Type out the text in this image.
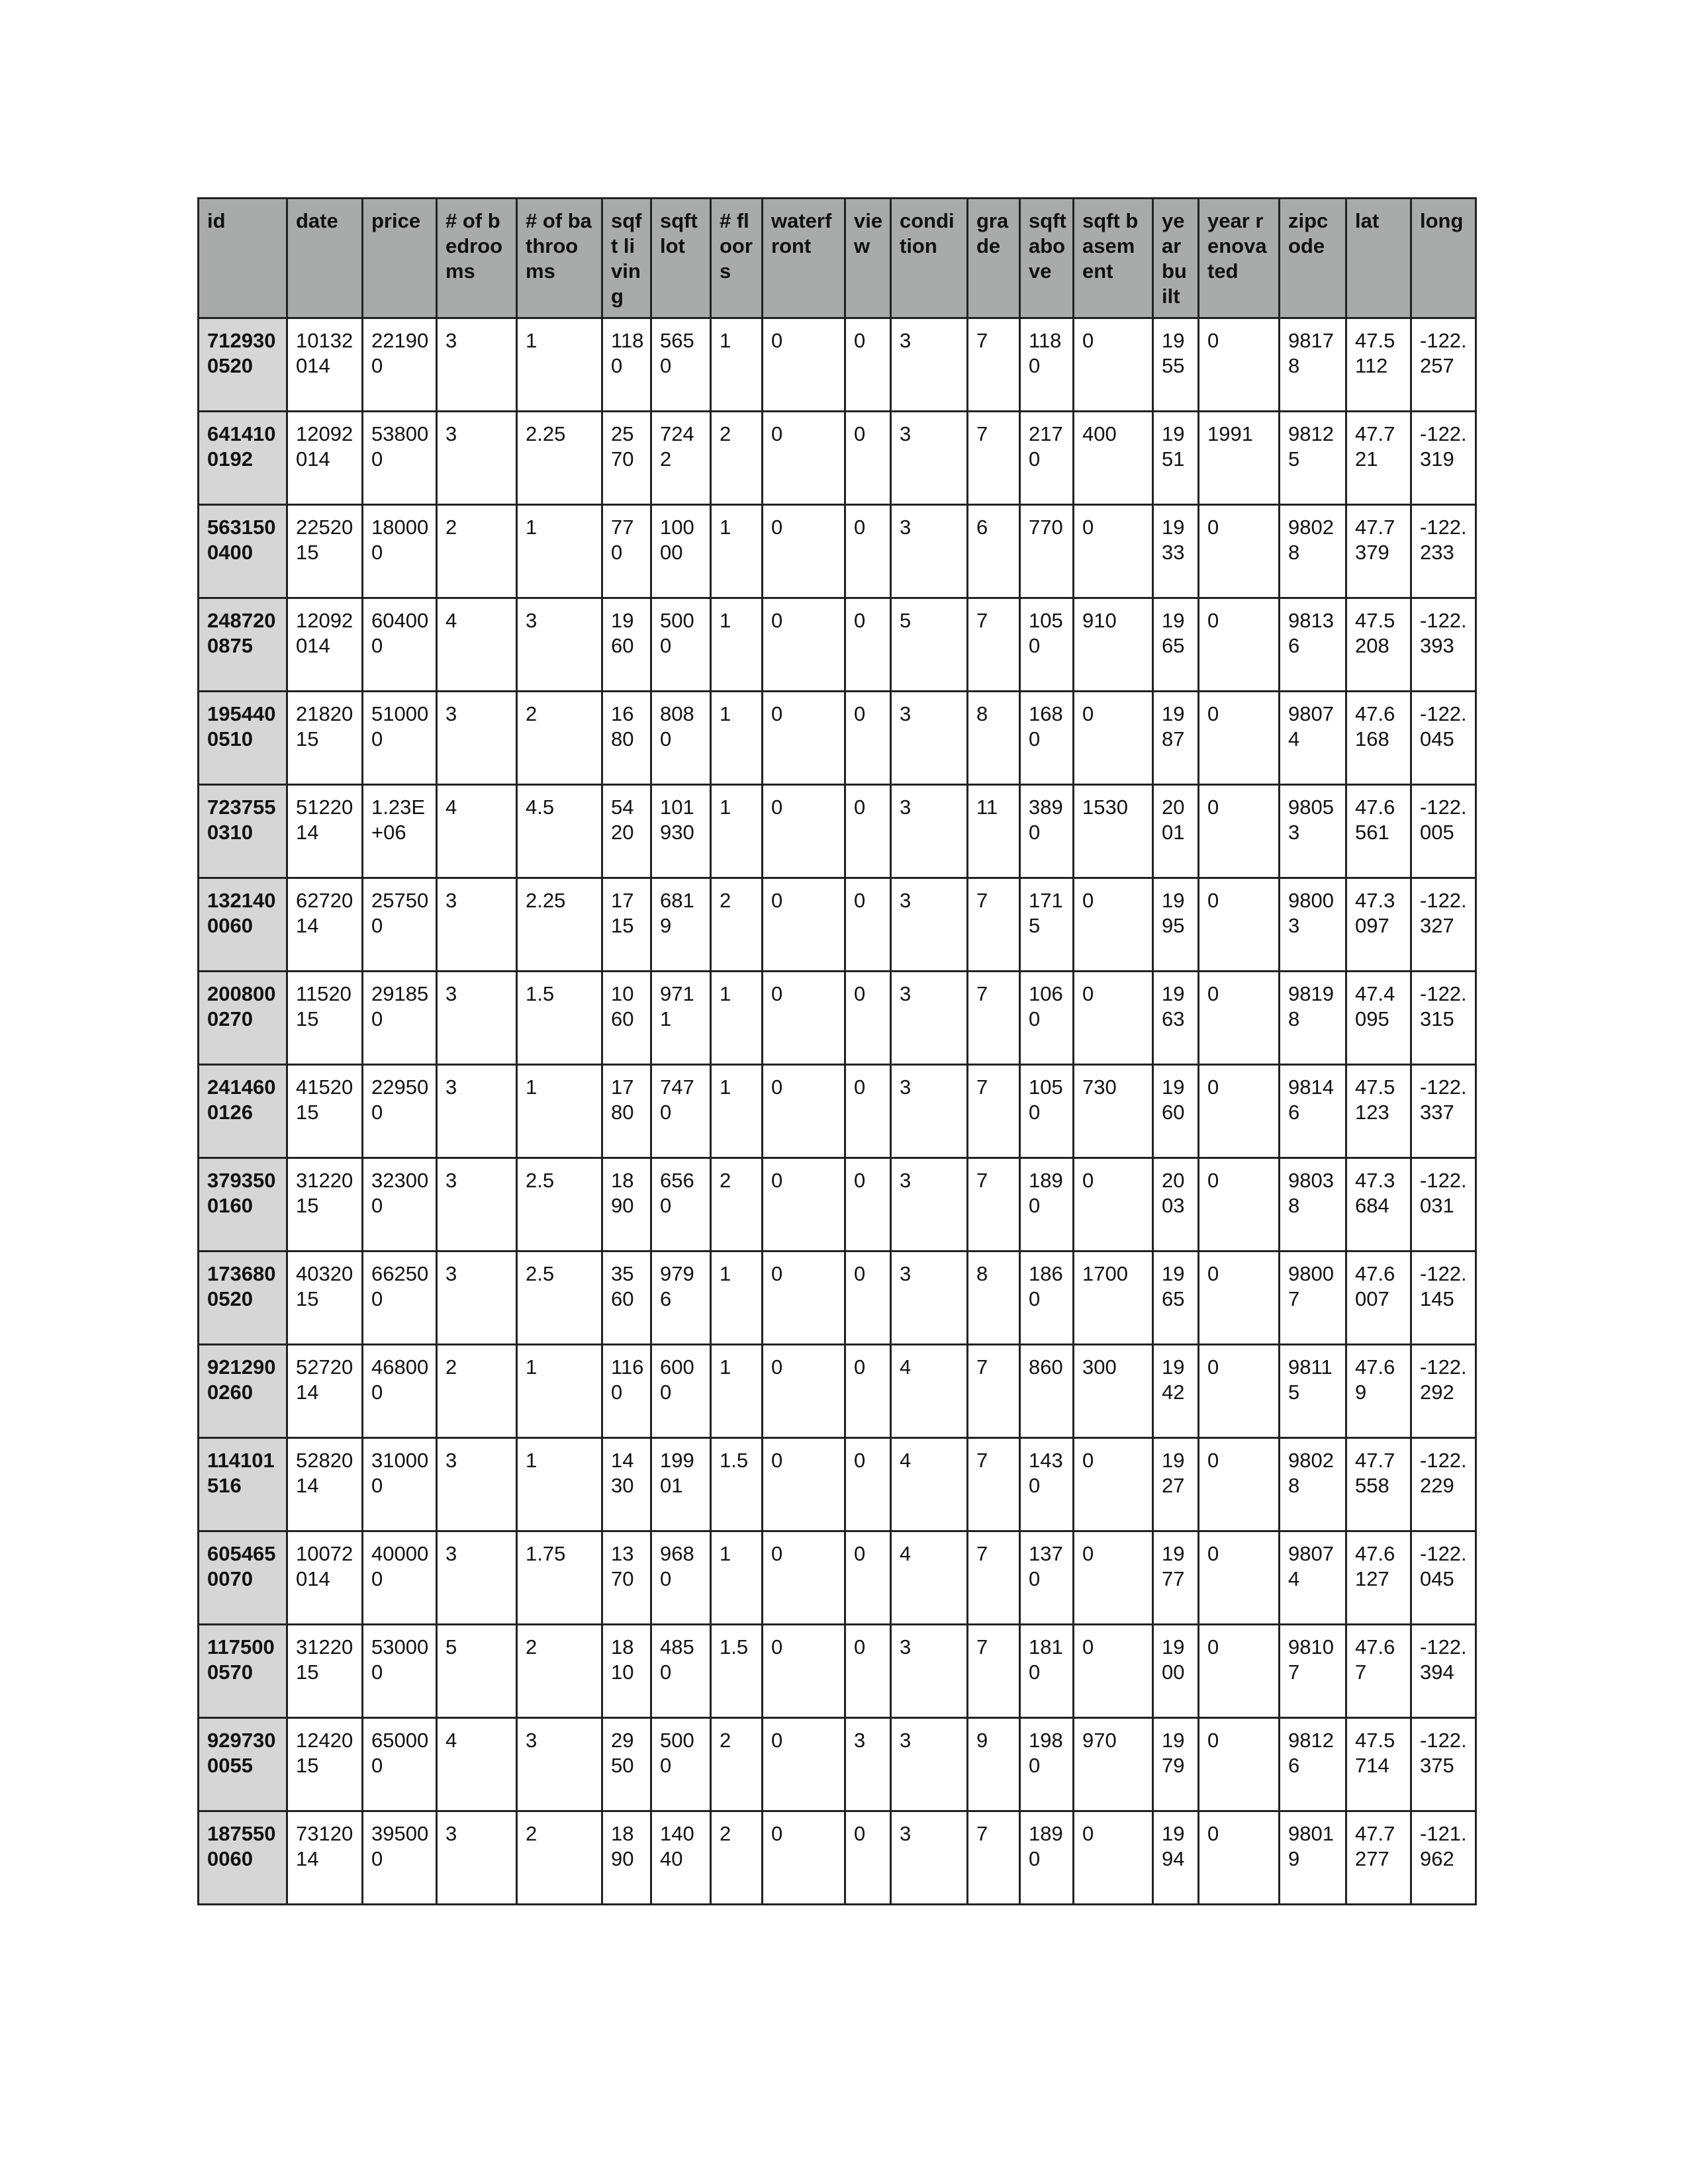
id	date	price	# of bedrooms	# of bathrooms	sqft living	sqft lot	# floors	waterfront	view	condition	grade	sqft above	sqft basement	year built	year renovated	zipcode	lat	long
7129300520	10132014	221900	3	1	1180	5650	1	0	0	3	7	1180	0	1955	0	98178	47.5112	-122.257
6414100192	12092014	538000	3	2.25	2570	7242	2	0	0	3	7	2170	400	1951	1991	98125	47.721	-122.319
5631500400	22520 15	180000	2	1	770	10000	1	0	0	3	6	770	0	1933	0	98028	47.7379	-122.233
2487200875	12092014	604000	4	3	1960	5000	1	0	0	5	7	1050	910	1965	0	98136	47.5208	-122.393
1954400510	21820 15	510000	3	2	1680	8080	1	0	0	3	8	1680	0	1987	0	98074	47.6168	-122.045
7237550310	51220 14	1.23E+06	4	4.5	5420	101930	1	0	0	3	11	3890	1530	2001	0	98053	47.6561	-122.005
1321400060	62720 14	257500	3	2.25	1715	6819	2	0	0	3	7	1715	0	1995	0	98003	47.3097	-122.327
2008000270	11520 15	291850	3	1.5	1060	9711	1	0	0	3	7	1060	0	1963	0	98198	47.4095	-122.315
2414600126	41520 15	229500	3	1	1780	7470	1	0	0	3	7	1050	730	1960	0	98146	47.5123	-122.337
3793500160	31220 15	323000	3	2.5	1890	6560	2	0	0	3	7	1890	0	2003	0	98038	47.3684	-122.031
1736800520	40320 15	662500	3	2.5	3560	9796	1	0	0	3	8	1860	1700	1965	0	98007	47.6007	-122.145
9212900260	52720 14	468000	2	1	1160	6000	1	0	0	4	7	860	300	1942	0	98115	47.69	-122.292
114101516	52820 14	310000	3	1	1430	19901	1.5	0	0	4	7	1430	0	1927	0	98028	47.7558	-122.229
6054650070	10072014	400000	3	1.75	1370	9680	1	0	0	4	7	1370	0	1977	0	98074	47.6127	-122.045
1175000570	31220 15	530000	5	2	1810	4850	1.5	0	0	3	7	1810	0	1900	0	98107	47.67	-122.394
9297300055	12420 15	650000	4	3	2950	5000	2	0	3	3	9	1980	970	1979	0	98126	47.5714	-122.375
1875500060	73120 14	395000	3	2	1890	14040	2	0	0	3	7	1890	0	1994	0	98019	47.7277	-121.962
